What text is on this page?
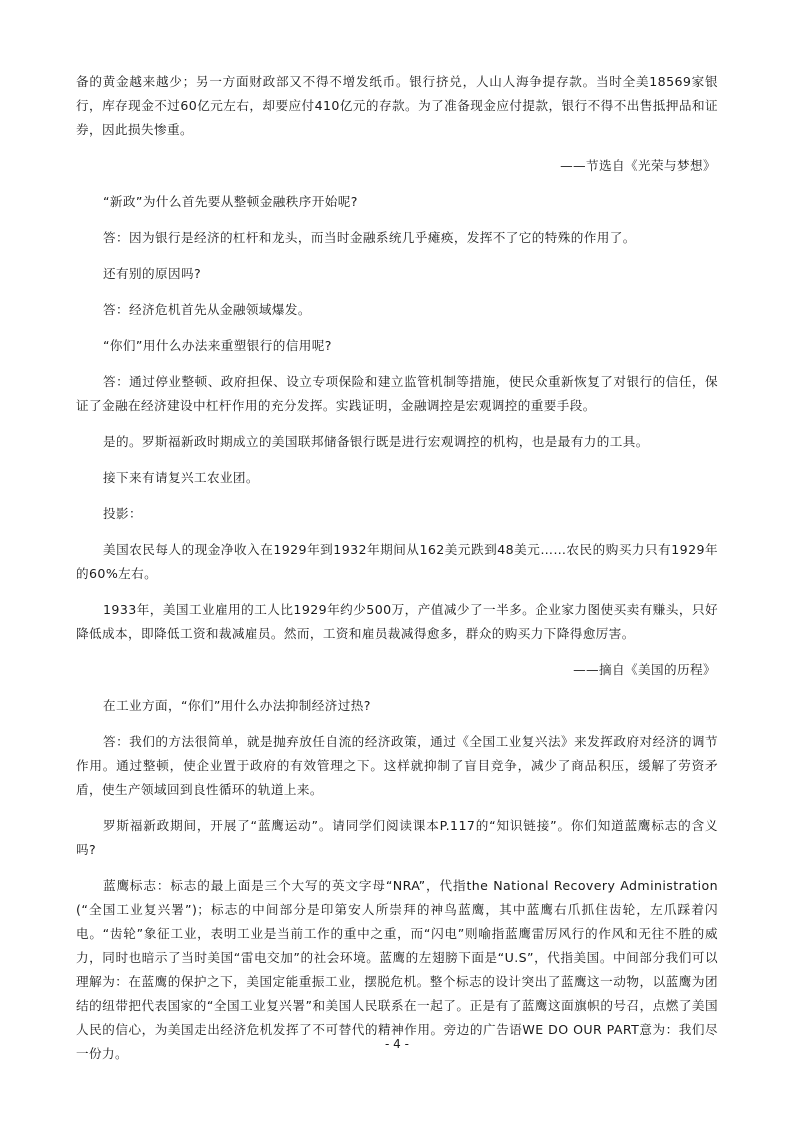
备的黄金越来越少；另一方面财政部又不得不增发纸币。银行挤兑，人山人海争提存款。当时全美18569家银行，库存现金不过60亿元左右，却要应付410亿元的存款。为了准备现金应付提款，银行不得不出售抵押品和证券，因此损失惨重。

——节选自《光荣与梦想》

“新政”为什么首先要从整顿金融秩序开始呢?

答：因为银行是经济的杠杆和龙头，而当时金融系统几乎瘫痪，发挥不了它的特殊的作用了。

还有别的原因吗?

答：经济危机首先从金融领域爆发。

“你们”用什么办法来重塑银行的信用呢?

答：通过停业整顿、政府担保、设立专项保险和建立监管机制等措施，使民众重新恢复了对银行的信任，保证了金融在经济建设中杠杆作用的充分发挥。实践证明，金融调控是宏观调控的重要手段。

是的。罗斯福新政时期成立的美国联邦储备银行既是进行宏观调控的机构，也是最有力的工具。

接下来有请复兴工农业团。

投影：

美国农民每人的现金净收入在1929年到1932年期间从162美元跌到48美元……农民的购买力只有1929年的60%左右。

1933年，美国工业雇用的工人比1929年约少500万，产值减少了一半多。企业家力图使买卖有赚头，只好降低成本，即降低工资和裁减雇员。然而，工资和雇员裁减得愈多，群众的购买力下降得愈厉害。

——摘自《美国的历程》

在工业方面，“你们”用什么办法抑制经济过热?

答：我们的方法很简单，就是抛弃放任自流的经济政策，通过《全国工业复兴法》来发挥政府对经济的调节作用。通过整顿，使企业置于政府的有效管理之下。这样就抑制了盲目竞争，减少了商品积压，缓解了劳资矛盾，使生产领域回到良性循环的轨道上来。

罗斯福新政期间，开展了“蓝鹰运动”。请同学们阅读课本P.117的“知识链接”。你们知道蓝鹰标志的含义吗?

蓝鹰标志：标志的最上面是三个大写的英文字母“NRA”，代指the National Recovery Administration (“全国工业复兴署”)；标志的中间部分是印第安人所崇拜的神鸟蓝鹰，其中蓝鹰右爪抓住齿轮，左爪踩着闪电。“齿轮”象征工业，表明工业是当前工作的重中之重，而“闪电”则喻指蓝鹰雷厉风行的作风和无往不胜的威力，同时也暗示了当时美国“雷电交加”的社会环境。蓝鹰的左翅膀下面是“U.S”，代指美国。中间部分我们可以理解为：在蓝鹰的保护之下，美国定能重振工业，摆脱危机。整个标志的设计突出了蓝鹰这一动物，以蓝鹰为团结的纽带把代表国家的“全国工业复兴署”和美国人民联系在一起了。正是有了蓝鹰这面旗帜的号召，点燃了美国人民的信心，为美国走出经济危机发挥了不可替代的精神作用。旁边的广告语WE DO OUR PART意为：我们尽一份力。

- 4 -
